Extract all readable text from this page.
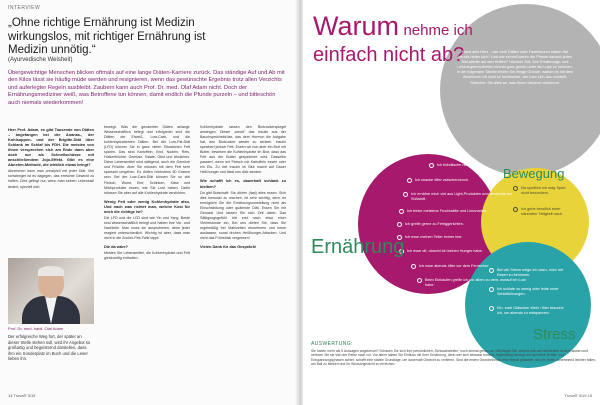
INTERVIEW
„Ohne richtige Ernährung ist Medizin wirkungslos, mit richtiger Ernährung ist Medizin unnötig.“
(Ayurvedische Weisheit)

Übergewichtige Menschen blicken oftmals auf eine lange Diäten-Karriere zurück. Das ständige Auf und Ab mit den Kilos lässt sie häufig müde werden und resignieren, wenn das gewünschte Ergebnis trotz allen Verzichts und auferlegter Regeln ausbleibt. Zaubern kann auch Prof. Dr. med. Olaf Adam nicht. Doch der Ernährungsmediziner weiß, was Betroffene tun können, damit endlich die Pfunde purzeln – und bitteschön auch niemals wiederkommen!

Herr Prof. Adam, es gibt Tausende von Diäten – angefangen bei der Ananas-, der Kohlsuppen- und der Brigitte-Diät über Schlank im Schlaf bis FDH. Die meisten von ihnen versprechen sich am Ende dann aber doch nur als Schnellschüsse mit anschließendem Jojo-Effekt. Gibt es eine Abnehm-Methode, die wirklich etwas bringt?

Abnehmen kann man prinzipiell mit jeder Diät. Viel schwieriger ist es dagegen, das erreichte Gewicht zu halten. Dies gelingt nur, wenn man seinen Lebensstil ändert, speziell sich

bewegt. Was die genannten Diäten anlangt: Wissenschaftlich belegt und erfolgreich sind die Diäten der Eiweiß-, Low-Carb- und die kohlenhydratarmen Diäten. Bei der Low-Fat-Diät (LFD) können Sie in ganz vielen Situationen Fett sparen. Das sind Kartoffeln, Brot, Nudeln, Reis, Hülsenfrüchte, Gemüse, Salate, Obst und ähnliches. Diese Lebensmittel sind sättigend, auch die Gemüse und Früchte. Aber Sie müssen mit dem Fett sehr sparsam umgehen. Es dürfen höchstens 60 Gramm sein. Bei der Low-Carb-Diät können Sie so viel Fleisch, Wurst, Eier, Schinken, Käse und Milchprodukte essen, wie Sie Lust haben. Dafür müssen Sie aber auf alle Kohlenhydrate verzichten.

Wenig Fett oder wenig Kohlenhydrate also. Und nach was richtet man, welche Kost für mich die richtige ist?

Die LFD und die LCD sind wie Yin und Yang. Beide sind wissenschaftlich belegt und haben ihre Vor- und Nachteile. Man muss sie ausprobieren, denn jeder reagiert unterschiedlich. Wichtig ist aber, dass man nicht in die Zucker-Fett-Falle tappt.

Die da wäre?

Meiden Sie Lebensmittel, die Kohlenhydrate und Fett gleichzeitig enthalten.

Kohlenhydrate lassen den Blutzuckerspiegel ansteigen. Dieser „weckt“ das Insulin aus der Bauchspeicheldrüse, das dem Hormon die Aufgabe hat, den Blutzucker wieder zu senken. Insulin speichert jedoch Fett. Essen wir nun aber ein Brot mit Butter, bewirken die Kohlenhydrate im Brot, dass das Fett aus der Butter gespeichert wird. Dasselbe passiert, wenn wir Fleisch mit Kartoffeln essen oder ein Eis. Zu viel Insulin im Blut macht auf Dauer Heißhunger und lässt uns dick werden.

Wie schafft ich es, dauerhaft schlank zu bleiben?

Da gibt Botschaft: Sie dürfen (fast) alles essen. Sich dies bewusst zu machen, ist sehr wichtig, denn es ermöglicht Sie die Ernährungsumstellung nicht als Einschränkung oder quälende Diät. Essen Sie mit Genuss! Und lassen Sie sich Zeit dabei. Das Sättigungsgefühl tritt erst nach etwa einer Viertelstunde ein. Bei uns dürfen Sie, dass Sie regelmäßig frei Mahlzeiten einnehmen und keine auslassen, sonst drohen Heißhunger-Attacken. Und nicht das Frühstück vergessen!

Vielen Dank für das Gespräch!
Prof. Dr. med. habil. Olaf Adam

Der erfolgreiche Weg fort, der später an dieser Stelle stehen soll, wird ihr Angebot so großartig und begeisternd darstellen, dass ihm ein Sonderplatz im Buch und die Leser lieben ihn.

14 Trova® 3/19
Warum nehme ich
einfach nicht ab?

Hand aufs Herz – wie viele Diäten oder Fastenkuren haben Sie bereits hinter sich? Und wie schnell waren die Pfunde danach jedes Mal wieder auf den Hüften? Höchste Zeit, Ihre Ernährungs- und Lebensgewohnheiten einmal ganz genau unter die Lupe zu nehmen. In der folgenden Tabelle finden Sie einige Gründe, warum es mit dem Abnehmen oft nicht so funktioniert, wie man sich das vorstellt. Streichen Sie alles an, was Ihnen bekannt vorkommt.

Ich bühdlische nie.
Ich snacke öfter zwischendurch.
Ich ernähre mich viel aus Light-Produkten und verwende nur Süßstoff.
Ich trinke meistens Fruchtsäfte und Limonaden.
Ich greife gerne zu Fertiggerichten.
Ich esse meinen Teller immer leer.
Ich esse oft, obwohl ich keinen Hunger habe.
Ich esse abends öfter vor dem Fernseher.
Beim Einkaufen greife ich vor allem zu dem, worauf ich Lust habe.
Na sportlich ich mag Sport nicht besonders.
Ich gehe beruflich einer sitzenden Tätigkeit nach.
Bei viel Stress neige ich dazu, mich mit Essen zu belohnen.
Ich schlafe zu wenig oder leide unter Schlafstörungen.
Ein, zwei Gläschen Wein / Bier brauche ich, um abends zu entspannen.
Ernährung
Bewegung
Stress
AUSWERTUNG:

Sie haben mehr als 5 Aussagen angekreuzt? Schauen Sie sich Ihre persönlichen „Schwachstellen“ noch einmal genau an. Überlegen Sie, welche sich am leichtesten ändern lassen und nehmen Sie sie sich der Reihe nach vor. Vor allem haben Sie Einfluss mit Ihrer Ernährung, denn wer sich bewusst ernährt, regelmäßig bewegt und auf seine Schlaf- und Entspannungsphasen achtet, schafft eine stabile Grundlage, um dauerhaft Gewicht zu verlieren. Sind die ersten Gewohnheiten erst einmal geändert, wird es Ihnen zunehmend leichter fallen, am Ball zu bleiben und Ihr Wunschgewicht zu erreichen.

Trova® 3/19 15
